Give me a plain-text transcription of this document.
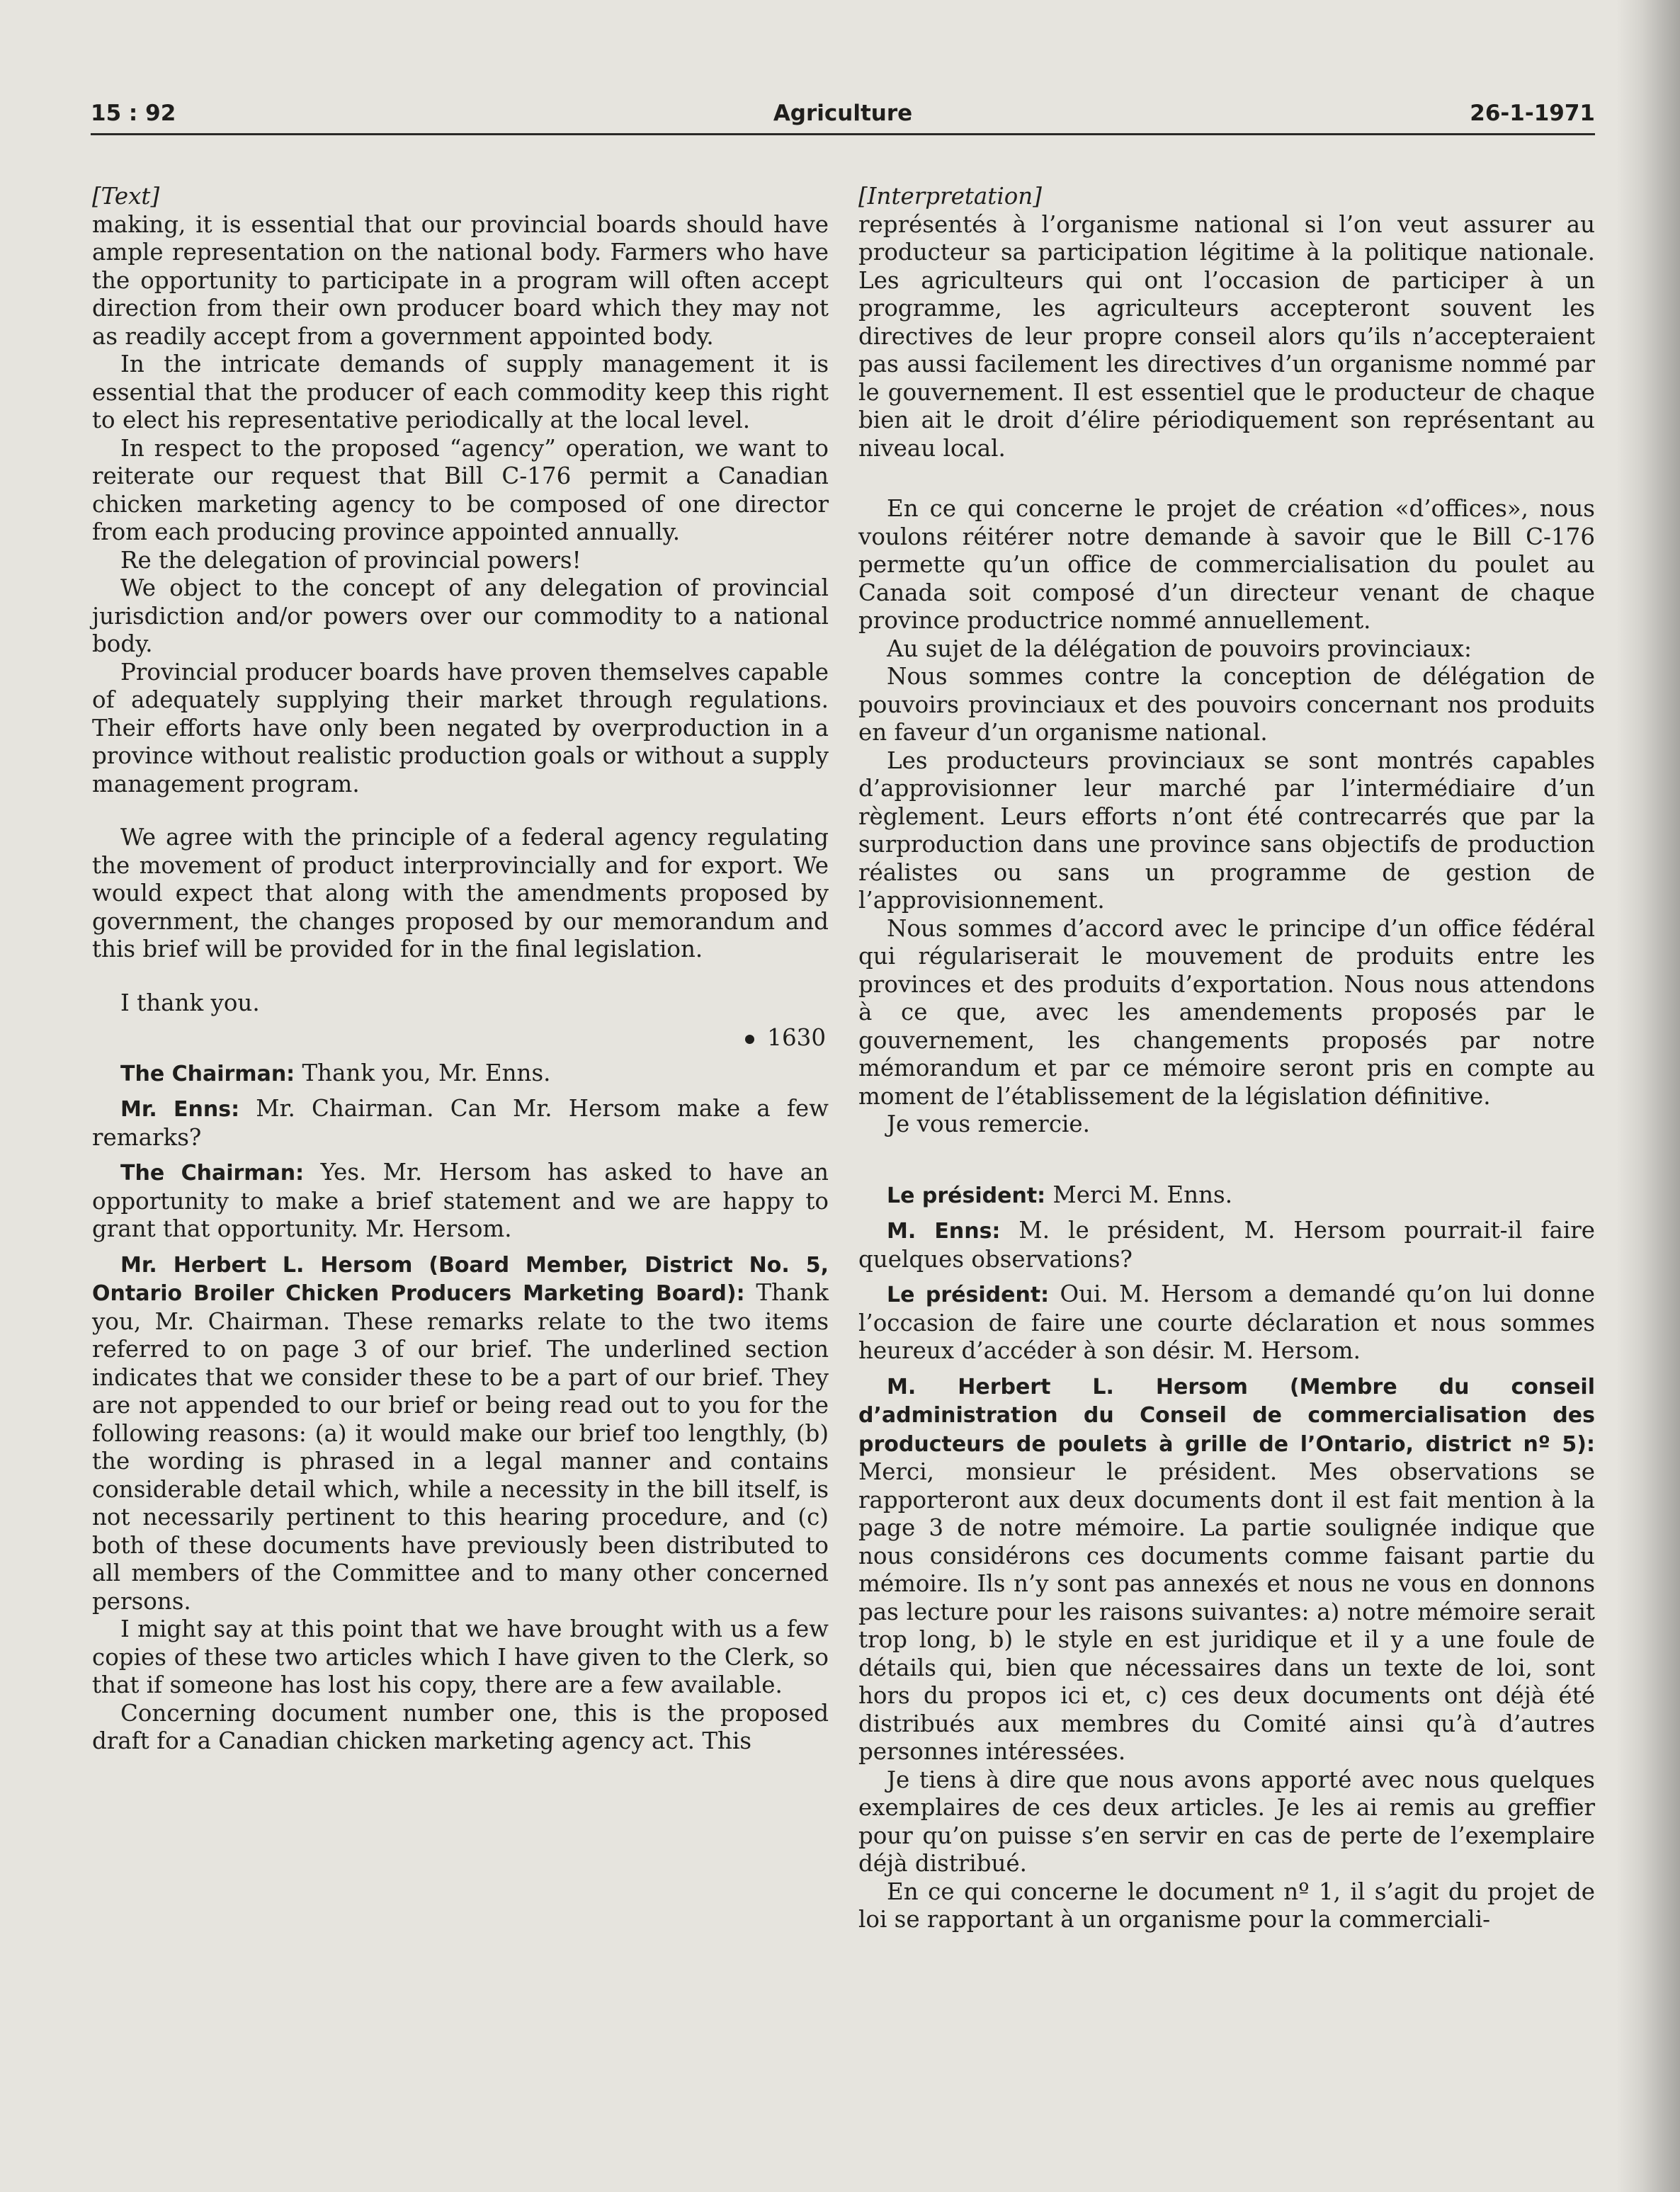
15 : 92	Agriculture	26-1-1971

[Text]

making, it is essential that our provincial boards should have ample representation on the national body. Farmers who have the opportunity to participate in a program will often accept direction from their own producer board which they may not as readily accept from a government appointed body.

In the intricate demands of supply management it is essential that the producer of each commodity keep this right to elect his representative periodically at the local level.

In respect to the proposed “agency” operation, we want to reiterate our request that Bill C-176 permit a Canadian chicken marketing agency to be composed of one director from each producing province appointed annually.

Re the delegation of provincial powers!

We object to the concept of any delegation of provincial jurisdiction and/or powers over our commodity to a national body.

Provincial producer boards have proven themselves capable of adequately supplying their market through regulations. Their efforts have only been negated by overproduction in a province without realistic production goals or without a supply management program.

We agree with the principle of a federal agency regulating the movement of product interprovincially and for export. We would expect that along with the amendments proposed by government, the changes proposed by our memorandum and this brief will be provided for in the final legislation.

I thank you.

1630

The Chairman: Thank you, Mr. Enns.

Mr. Enns: Mr. Chairman. Can Mr. Hersom make a few remarks?

The Chairman: Yes. Mr. Hersom has asked to have an opportunity to make a brief statement and we are happy to grant that opportunity. Mr. Hersom.

Mr. Herbert L. Hersom (Board Member, District No. 5, Ontario Broiler Chicken Producers Marketing Board): Thank you, Mr. Chairman. These remarks relate to the two items referred to on page 3 of our brief. The underlined section indicates that we consider these to be a part of our brief. They are not appended to our brief or being read out to you for the following reasons: (a) it would make our brief too lengthly, (b) the wording is phrased in a legal manner and contains considerable detail which, while a necessity in the bill itself, is not necessarily pertinent to this hearing procedure, and (c) both of these documents have previously been distributed to all members of the Committee and to many other concerned persons.

I might say at this point that we have brought with us a few copies of these two articles which I have given to the Clerk, so that if someone has lost his copy, there are a few available.

Concerning document number one, this is the proposed draft for a Canadian chicken marketing agency act. This

[Interpretation]

représentés à l’organisme national si l’on veut assurer au producteur sa participation légitime à la politique nationale. Les agriculteurs qui ont l’occasion de participer à un programme, les agriculteurs accepteront souvent les directives de leur propre conseil alors qu’ils n’accepteraient pas aussi facilement les directives d’un organisme nommé par le gouvernement. Il est essentiel que le producteur de chaque bien ait le droit d’élire périodiquement son représentant au niveau local.

En ce qui concerne le projet de création «d’offices», nous voulons réitérer notre demande à savoir que le Bill C-176 permette qu’un office de commercialisation du poulet au Canada soit composé d’un directeur venant de chaque province productrice nommé annuellement.

Au sujet de la délégation de pouvoirs provinciaux:

Nous sommes contre la conception de délégation de pouvoirs provinciaux et des pouvoirs concernant nos produits en faveur d’un organisme national.

Les producteurs provinciaux se sont montrés capables d’approvisionner leur marché par l’intermédiaire d’un règlement. Leurs efforts n’ont été contrecarrés que par la surproduction dans une province sans objectifs de production réalistes ou sans un programme de gestion de l’approvisionnement.

Nous sommes d’accord avec le principe d’un office fédéral qui régulariserait le mouvement de produits entre les provinces et des produits d’exportation. Nous nous attendons à ce que, avec les amendements proposés par le gouvernement, les changements proposés par notre mémorandum et par ce mémoire seront pris en compte au moment de l’établissement de la législation définitive.

Je vous remercie.

Le président: Merci M. Enns.

M. Enns: M. le président, M. Hersom pourrait-il faire quelques observations?

Le président: Oui. M. Hersom a demandé qu’on lui donne l’occasion de faire une courte déclaration et nous sommes heureux d’accéder à son désir. M. Hersom.

M. Herbert L. Hersom (Membre du conseil d’administration du Conseil de commercialisation des producteurs de poulets à grille de l’Ontario, district nº 5): Merci, monsieur le président. Mes observations se rapporteront aux deux documents dont il est fait mention à la page 3 de notre mémoire. La partie soulignée indique que nous considérons ces documents comme faisant partie du mémoire. Ils n’y sont pas annexés et nous ne vous en donnons pas lecture pour les raisons suivantes: a) notre mémoire serait trop long, b) le style en est juridique et il y a une foule de détails qui, bien que nécessaires dans un texte de loi, sont hors du propos ici et, c) ces deux documents ont déjà été distribués aux membres du Comité ainsi qu’à d’autres personnes intéressées.

Je tiens à dire que nous avons apporté avec nous quelques exemplaires de ces deux articles. Je les ai remis au greffier pour qu’on puisse s’en servir en cas de perte de l’exemplaire déjà distribué.

En ce qui concerne le document nº 1, il s’agit du projet de loi se rapportant à un organisme pour la commerciali-
